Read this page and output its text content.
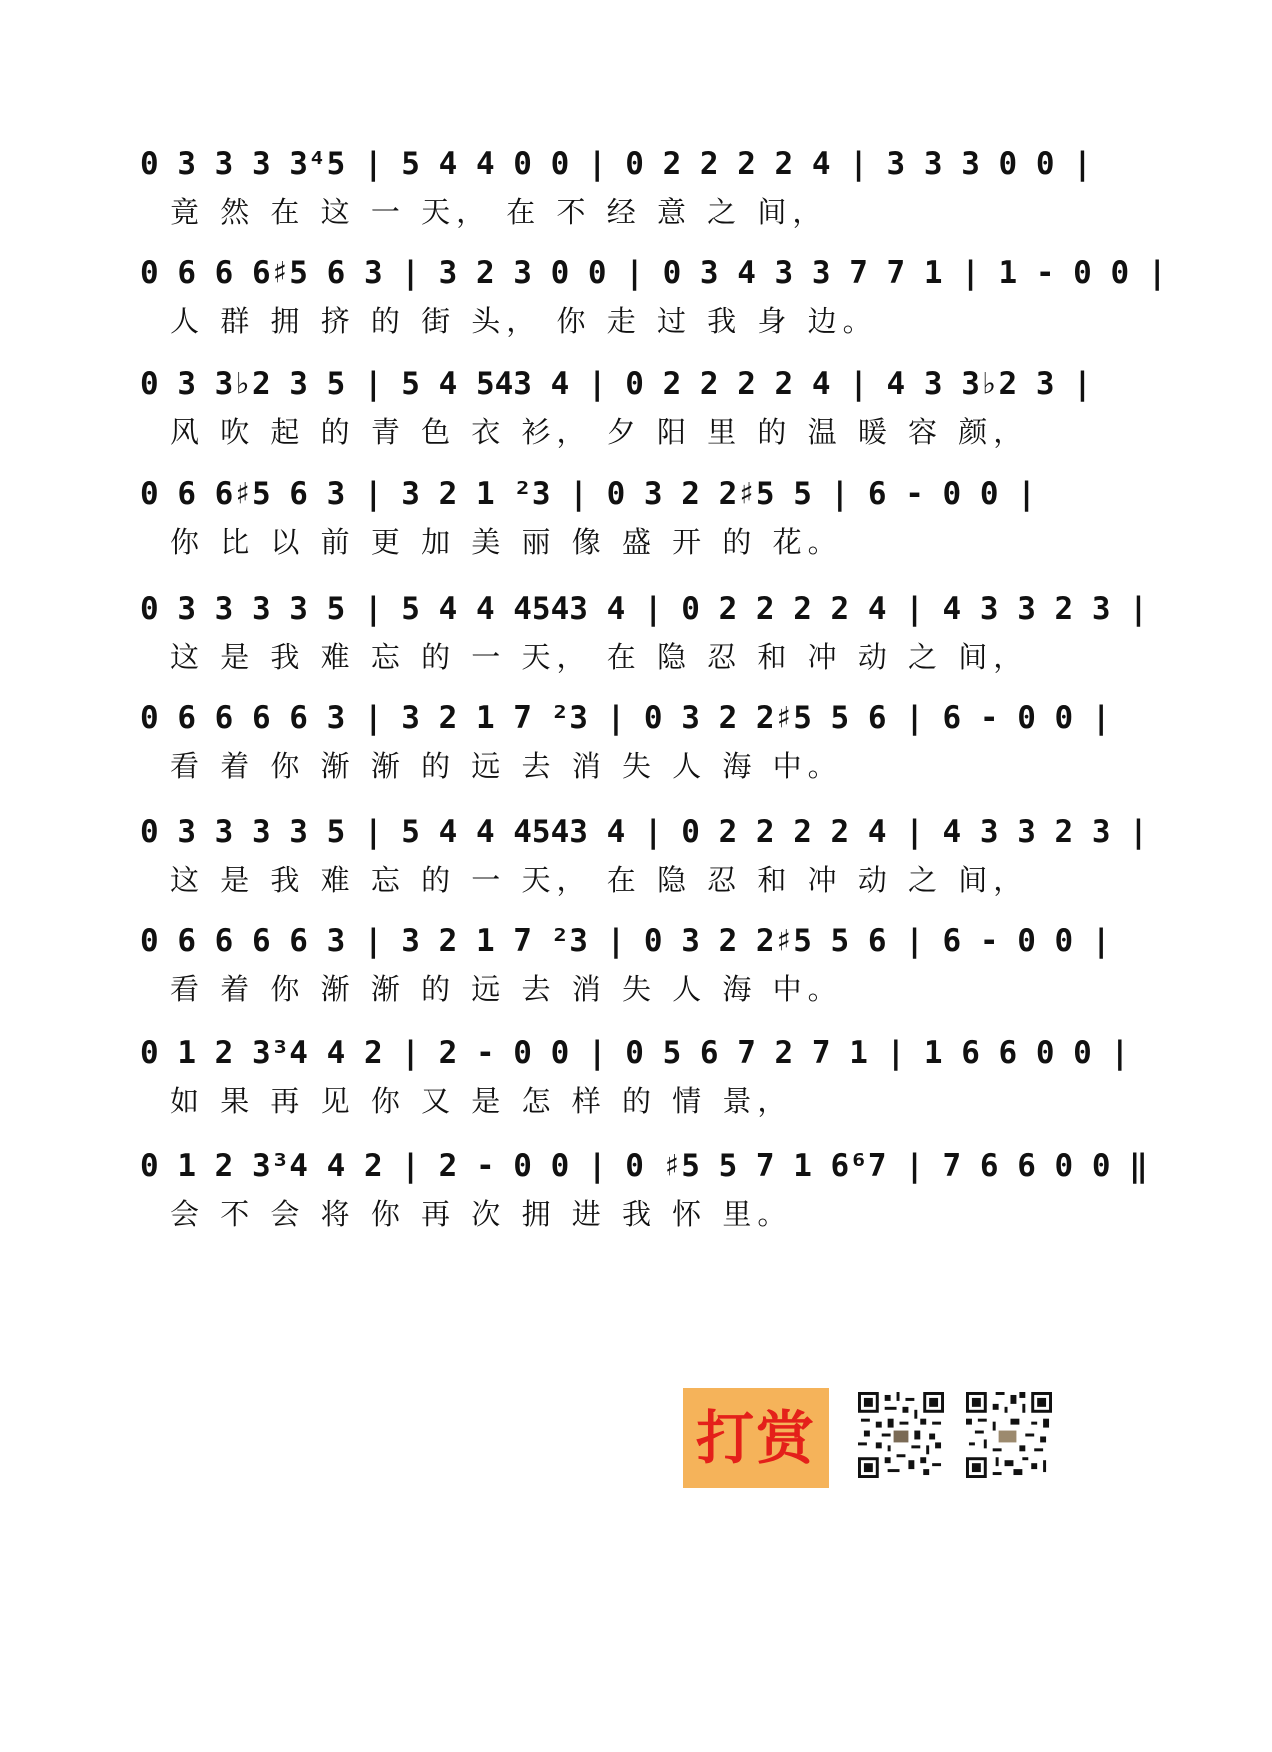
0 3 3 3 3⁴5 | 5 4 4 0 0 | 0 2 2 2 2 4 | 3 3 3 0 0 |
竟 然 在 这 一 天， 在 不 经 意 之 间，
0 6 6 6♯5 6 3 | 3 2 3 0 0 | 0 3 4 3 3 7 7 1 | 1 - 0 0 |
人 群 拥 挤 的 街 头， 你 走 过 我 身 边。
0 3 3♭2 3 5 | 5 4 543 4 | 0 2 2 2 2 4 | 4 3 3♭2 3 |
风 吹 起 的 青 色 衣 衫， 夕 阳 里 的 温 暖 容 颜，
0 6 6♯5 6 3 | 3 2 1 ²3 | 0 3 2 2♯5 5 | 6 - 0 0 |
你 比 以 前 更 加 美 丽 像 盛 开 的 花。
0 3 3 3 3 5 | 5 4 4 4543 4 | 0 2 2 2 2 4 | 4 3 3 2 3 |
这 是 我 难 忘 的 一 天， 在 隐 忍 和 冲 动 之 间，
0 6 6 6 6 3 | 3 2 1 7 ²3 | 0 3 2 2♯5 5 6 | 6 - 0 0 |
看 着 你 渐 渐 的 远 去 消 失 人 海 中。
0 3 3 3 3 5 | 5 4 4 4543 4 | 0 2 2 2 2 4 | 4 3 3 2 3 |
这 是 我 难 忘 的 一 天， 在 隐 忍 和 冲 动 之 间，
0 6 6 6 6 3 | 3 2 1 7 ²3 | 0 3 2 2♯5 5 6 | 6 - 0 0 |
看 着 你 渐 渐 的 远 去 消 失 人 海 中。
0 1 2 3³4 4 2 | 2 - 0 0 | 0 5 6 7 2 7 1 | 1 6 6 0 0 |
如 果 再 见 你 又 是 怎 样 的 情 景，
0 1 2 3³4 4 2 | 2 - 0 0 | 0 ♯5 5 7 1 6⁶7 | 7 6 6 0 0 ‖
会 不 会 将 你 再 次 拥 进 我 怀 里。
打赏
